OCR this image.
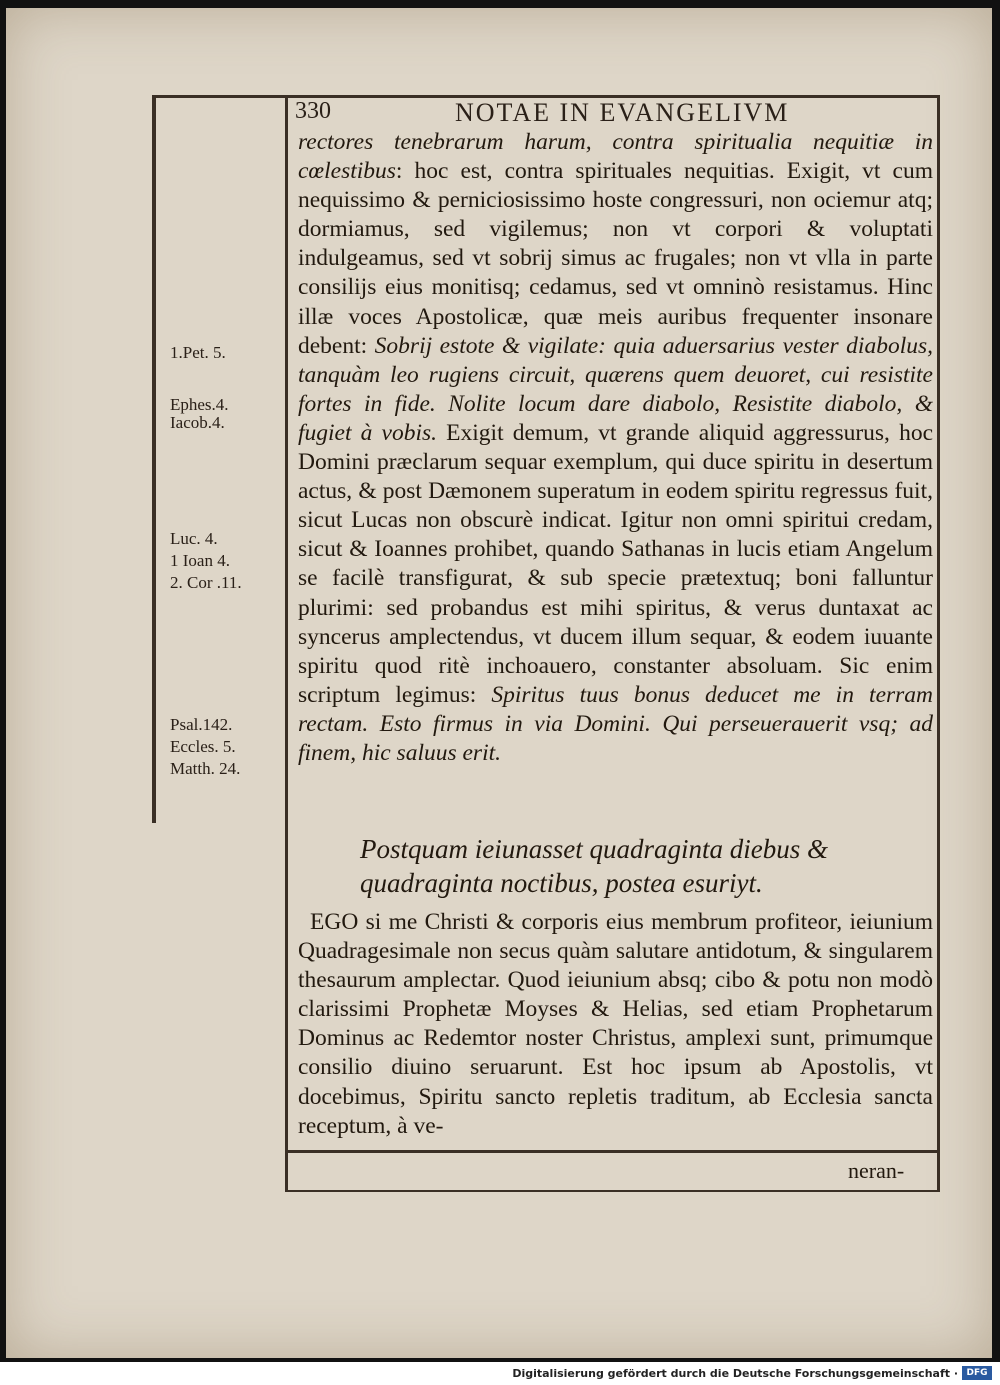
330	NOTAE IN EVANGELIVM

rectores tenebrarum harum, contra spiritualia nequitiæ in cœlestibus: hoc est, contra spirituales nequitias. Exigit, vt cum nequissimo & perniciosissimo hoste congressuri, non ociemur atq; dormiamus, sed vigilemus; non vt corpori & voluptati indulgeamus, sed vt sobrij simus ac frugales; non vt vlla in parte consilijs eius monitisq; cedamus, sed vt omninò resistamus. Hinc illæ voces Apostolicæ, quæ meis auribus frequenter insonare debent: Sobrij estote & vigilate: quia aduersarius vester diabolus, tanquàm leo rugiens circuit, quærens quem deuoret, cui resistite fortes in fide. Nolite locum dare diabolo, Resistite diabolo, & fugiet à vobis. Exigit demum, vt grande aliquid aggressurus, hoc Domini præclarum sequar exemplum, qui duce spiritu in desertum actus, & post Dæmonem superatum in eodem spiritu regressus fuit, sicut Lucas non obscurè indicat. Igitur non omni spiritui credam, sicut & Ioannes prohibet, quando Sathanas in lucis etiam Angelum se facilè transfigurat, & sub specie prætextuq; boni falluntur plurimi: sed probandus est mihi spiritus, & verus duntaxat ac syncerus amplectendus, vt ducem illum sequar, & eodem iuuante spiritu quod ritè inchoauero, constanter absoluam. Sic enim scriptum legimus: Spiritus tuus bonus deducet me in terram rectam. Esto firmus in via Domini. Qui perseuerauerit vsq; ad finem, hic saluus erit.

Postquam ieiunasset quadraginta diebus & quadraginta noctibus, postea esuriyt.
EGO si me Christi & corporis eius membrum profiteor, ieiunium Quadragesimale non secus quàm salutare antidotum, & singularem thesaurum amplectar. Quod ieiunium absq; cibo & potu non modò clarissimi Prophetæ Moyses & Helias, sed etiam Prophetarum Dominus ac Redemtor noster Christus, amplexi sunt, primumque consilio diuino seruarunt. Est hoc ipsum ab Apostolis, vt docebimus, Spiritu sancto repletis traditum, ab Ecclesia sancta receptum, à ve-
neran-
1.Pet. 5.
Ephes.4.
Iacob.4.
Luc. 4.
1 Ioan 4.
2. Cor .11.
Psal.142.
Eccles. 5.
Matth. 24.
Digitalisierung gefördert durch die Deutsche Forschungsgemeinschaft · DFG
